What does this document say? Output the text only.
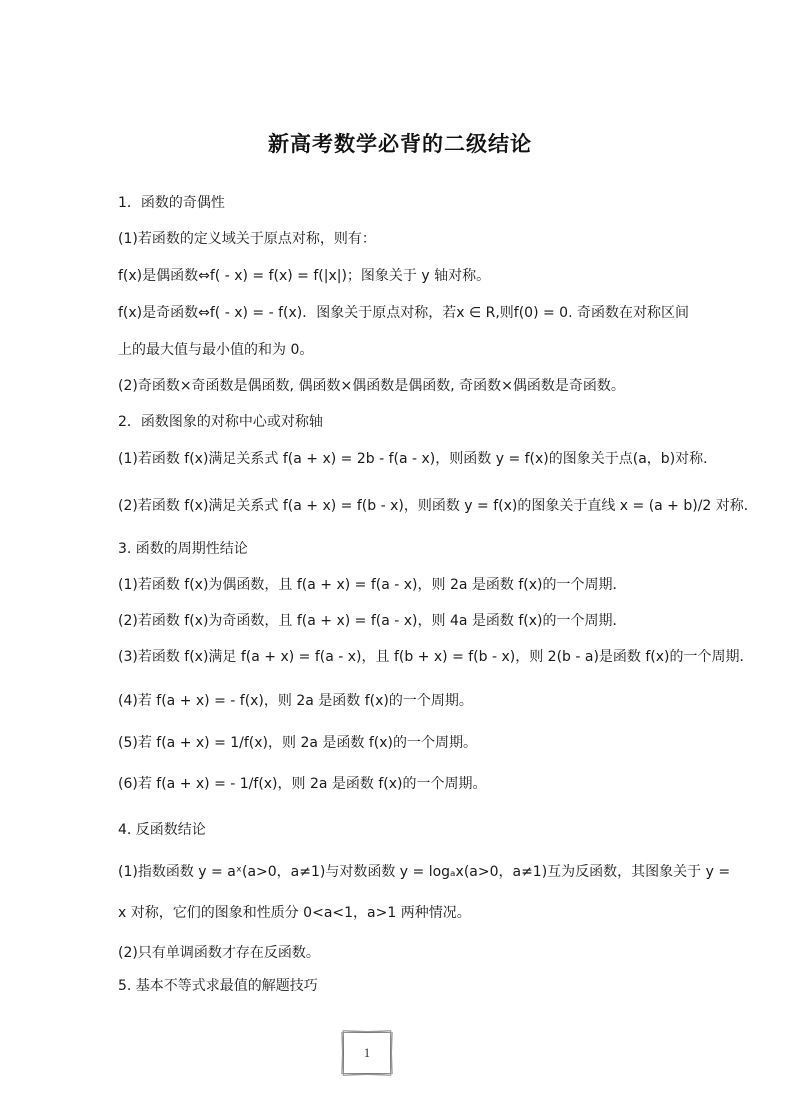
新高考数学必背的二级结论
1．函数的奇偶性
(1)若函数的定义域关于原点对称，则有：
f(x)是偶函数⇔f( - x) = f(x) = f(|x|)；图象关于 y 轴对称。
f(x)是奇函数⇔f( - x) = - f(x)．图象关于原点对称，若x ∈ R,则f(0) = 0. 奇函数在对称区间
上的最大值与最小值的和为 0。
(2)奇函数×奇函数是偶函数, 偶函数×偶函数是偶函数, 奇函数×偶函数是奇函数。
2．函数图象的对称中心或对称轴
(1)若函数 f(x)满足关系式 f(a + x) = 2b - f(a - x)，则函数 y = f(x)的图象关于点(a，b)对称．
(2)若函数 f(x)满足关系式 f(a + x) = f(b - x)，则函数 y = f(x)的图象关于直线 x = (a + b)/2 对称．
3. 函数的周期性结论
(1)若函数 f(x)为偶函数，且 f(a + x) = f(a - x)，则 2a 是函数 f(x)的一个周期．
(2)若函数 f(x)为奇函数，且 f(a + x) = f(a - x)，则 4a 是函数 f(x)的一个周期．
(3)若函数 f(x)满足 f(a + x) = f(a - x)，且 f(b + x) = f(b - x)，则 2(b - a)是函数 f(x)的一个周期．
(4)若 f(a + x) = - f(x)，则 2a 是函数 f(x)的一个周期。
(5)若 f(a + x) = 1/f(x)，则 2a 是函数 f(x)的一个周期。
(6)若 f(a + x) = - 1/f(x)，则 2a 是函数 f(x)的一个周期。
4. 反函数结论
(1)指数函数 y = aˣ(a>0，a≠1)与对数函数 y = logₐx(a>0，a≠1)互为反函数，其图象关于 y =
x 对称，它们的图象和性质分 0<a<1，a>1 两种情况。
(2)只有单调函数才存在反函数。
5. 基本不等式求最值的解题技巧
1
